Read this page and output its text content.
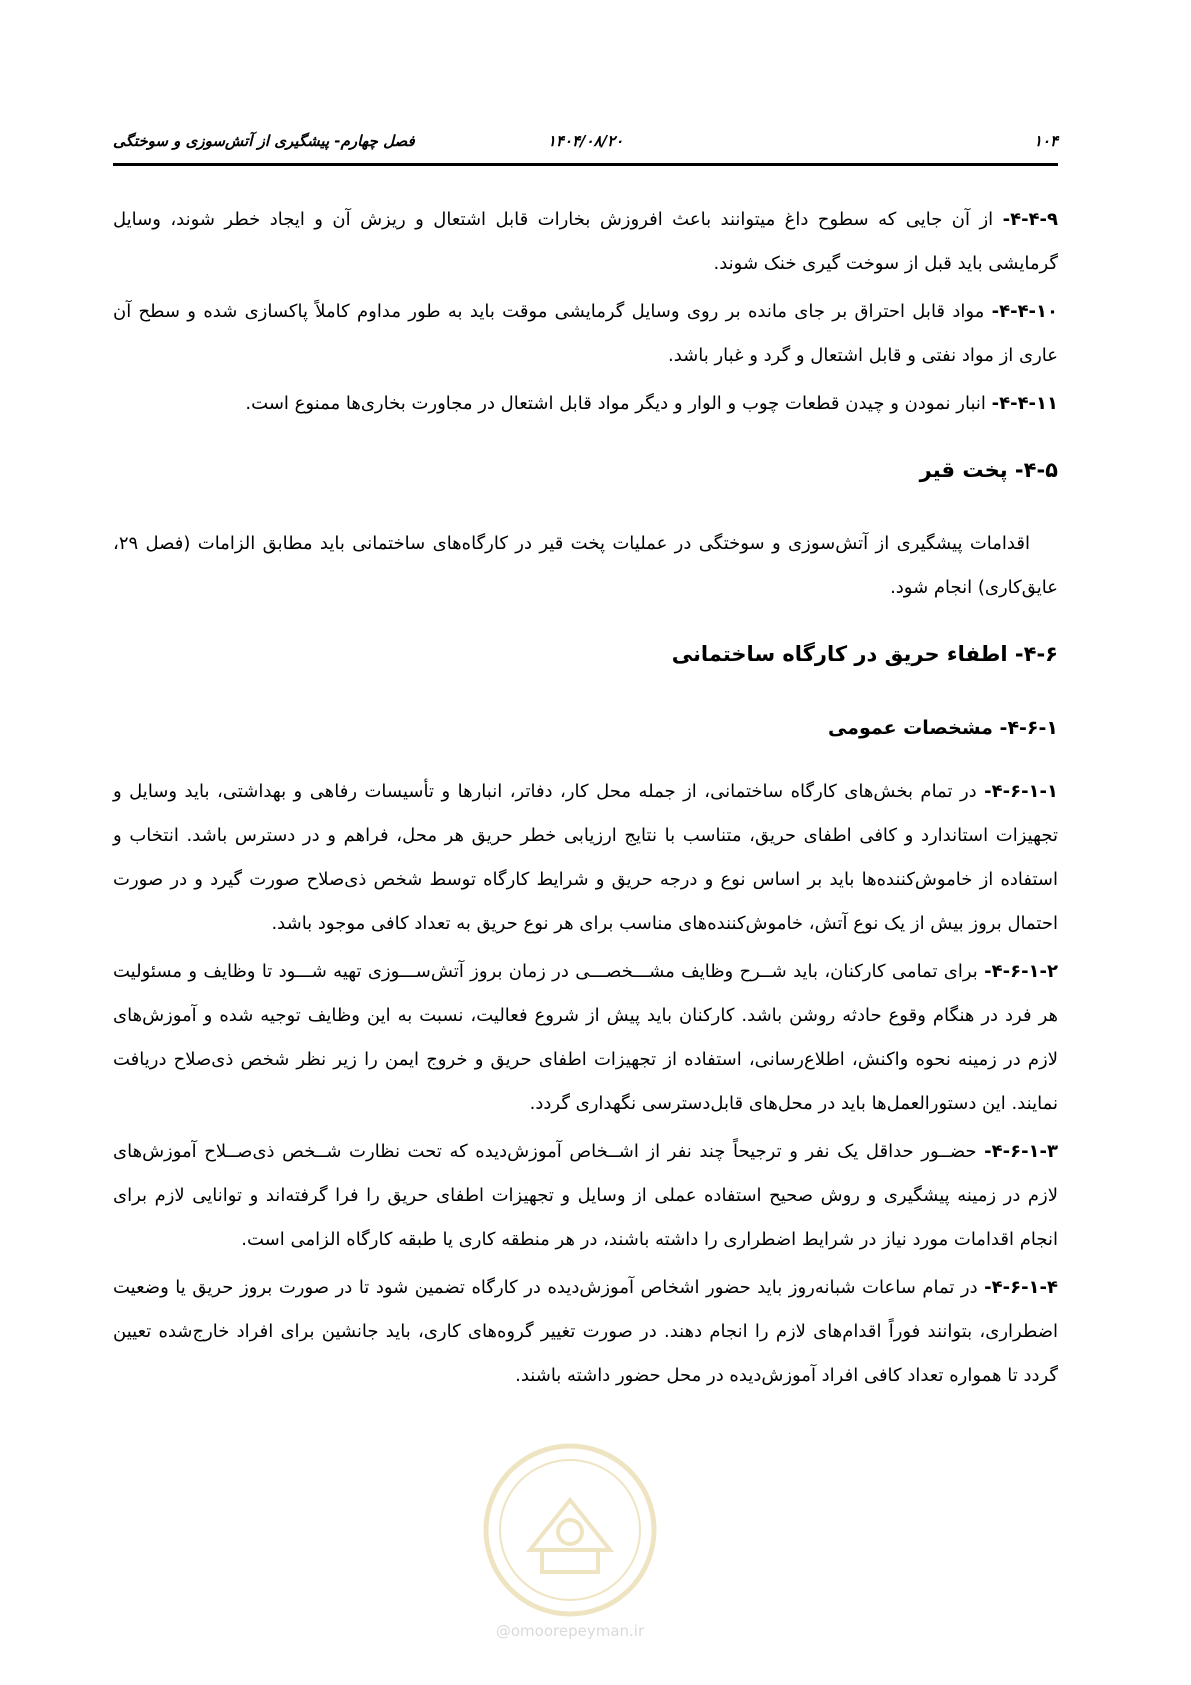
۱۰۴
۱۴۰۴/۰۸/۲۰
فصل چهارم- پیشگیری از آتش‌سوزی و سوختگی

۴-۴-۹- از آن جایی که سطوح داغ میتوانند باعث افروزش بخارات قابل اشتعال و ریزش آن و ایجاد خطر شوند، وسایل گرمایشی باید قبل از سوخت گیری خنک شوند.

۴-۴-۱۰- مواد قابل احتراق بر جای مانده بر روی وسایل گرمایشی موقت باید به طور مداوم کاملاً پاکسازی شده و سطح آن عاری از مواد نفتی و قابل اشتعال و گرد و غبار باشد.

۴-۴-۱۱- انبار نمودن و چیدن قطعات چوب و الوار و دیگر مواد قابل اشتعال در مجاورت بخاری‌ها ممنوع است.

۴-۵- پخت قیر

اقدامات پیشگیری از آتش‌سوزی و سوختگی در عملیات پخت قیر در کارگاه‌های ساختمانی باید مطابق الزامات (فصل ۲۹، عایق‌کاری) انجام شود.

۴-۶- اطفاء حریق در کارگاه ساختمانی
۴-۶-۱- مشخصات عمومی

۴-۶-۱-۱- در تمام بخش‌های کارگاه ساختمانی، از جمله محل کار، دفاتر، انبارها و تأسیسات رفاهی و بهداشتی، باید وسایل و تجهیزات استاندارد و کافی اطفای حریق، متناسب با نتایج ارزیابی خطر حریق هر محل، فراهم و در دسترس باشد. انتخاب و استفاده از خاموش‌کننده‌ها باید بر اساس نوع و درجه حریق و شرایط کارگاه توسط شخص ذی‌صلاح صورت گیرد و در صورت احتمال بروز بیش از یک نوع آتش، خاموش‌کننده‌های مناسب برای هر نوع حریق به تعداد کافی موجود باشد.

۴-۶-۱-۲- برای تمامی کارکنان، باید شــرح وظایف مشـــخصـــی در زمان بروز آتش‌ســـوزی تهیه شـــود تا وظایف و مسئولیت هر فرد در هنگام وقوع حادثه روشن باشد. کارکنان باید پیش از شروع فعالیت، نسبت به این وظایف توجیه شده و آموزش‌های لازم در زمینه نحوه واکنش، اطلاع‌رسانی، استفاده از تجهیزات اطفای حریق و خروج ایمن را زیر نظر شخص ذی‌صلاح دریافت نمایند. این دستورالعمل‌ها باید در محل‌های قابل‌دسترسی نگهداری گردد.

۴-۶-۱-۳- حضــور حداقل یک نفر و ترجیحاً چند نفر از اشــخاص آموزش‌دیده که تحت نظارت شــخص ذی‌صــلاح آموزش‌های لازم در زمینه پیشگیری و روش صحیح استفاده عملی از وسایل و تجهیزات اطفای حریق را فرا گرفته‌اند و توانایی لازم برای انجام اقدامات مورد نیاز در شرایط اضطراری را داشته باشند، در هر منطقه کاری یا طبقه کارگاه الزامی است.

۴-۶-۱-۴- در تمام ساعات شبانه‌روز باید حضور اشخاص آموزش‌دیده در کارگاه تضمین شود تا در صورت بروز حریق یا وضعیت اضطراری، بتوانند فوراً اقدام‌های لازم را انجام دهند. در صورت تغییر گروه‌های کاری، باید جانشین برای افراد خارج‌شده تعیین گردد تا همواره تعداد کافی افراد آموزش‌دیده در محل حضور داشته باشند.

@omoorepeyman.ir
